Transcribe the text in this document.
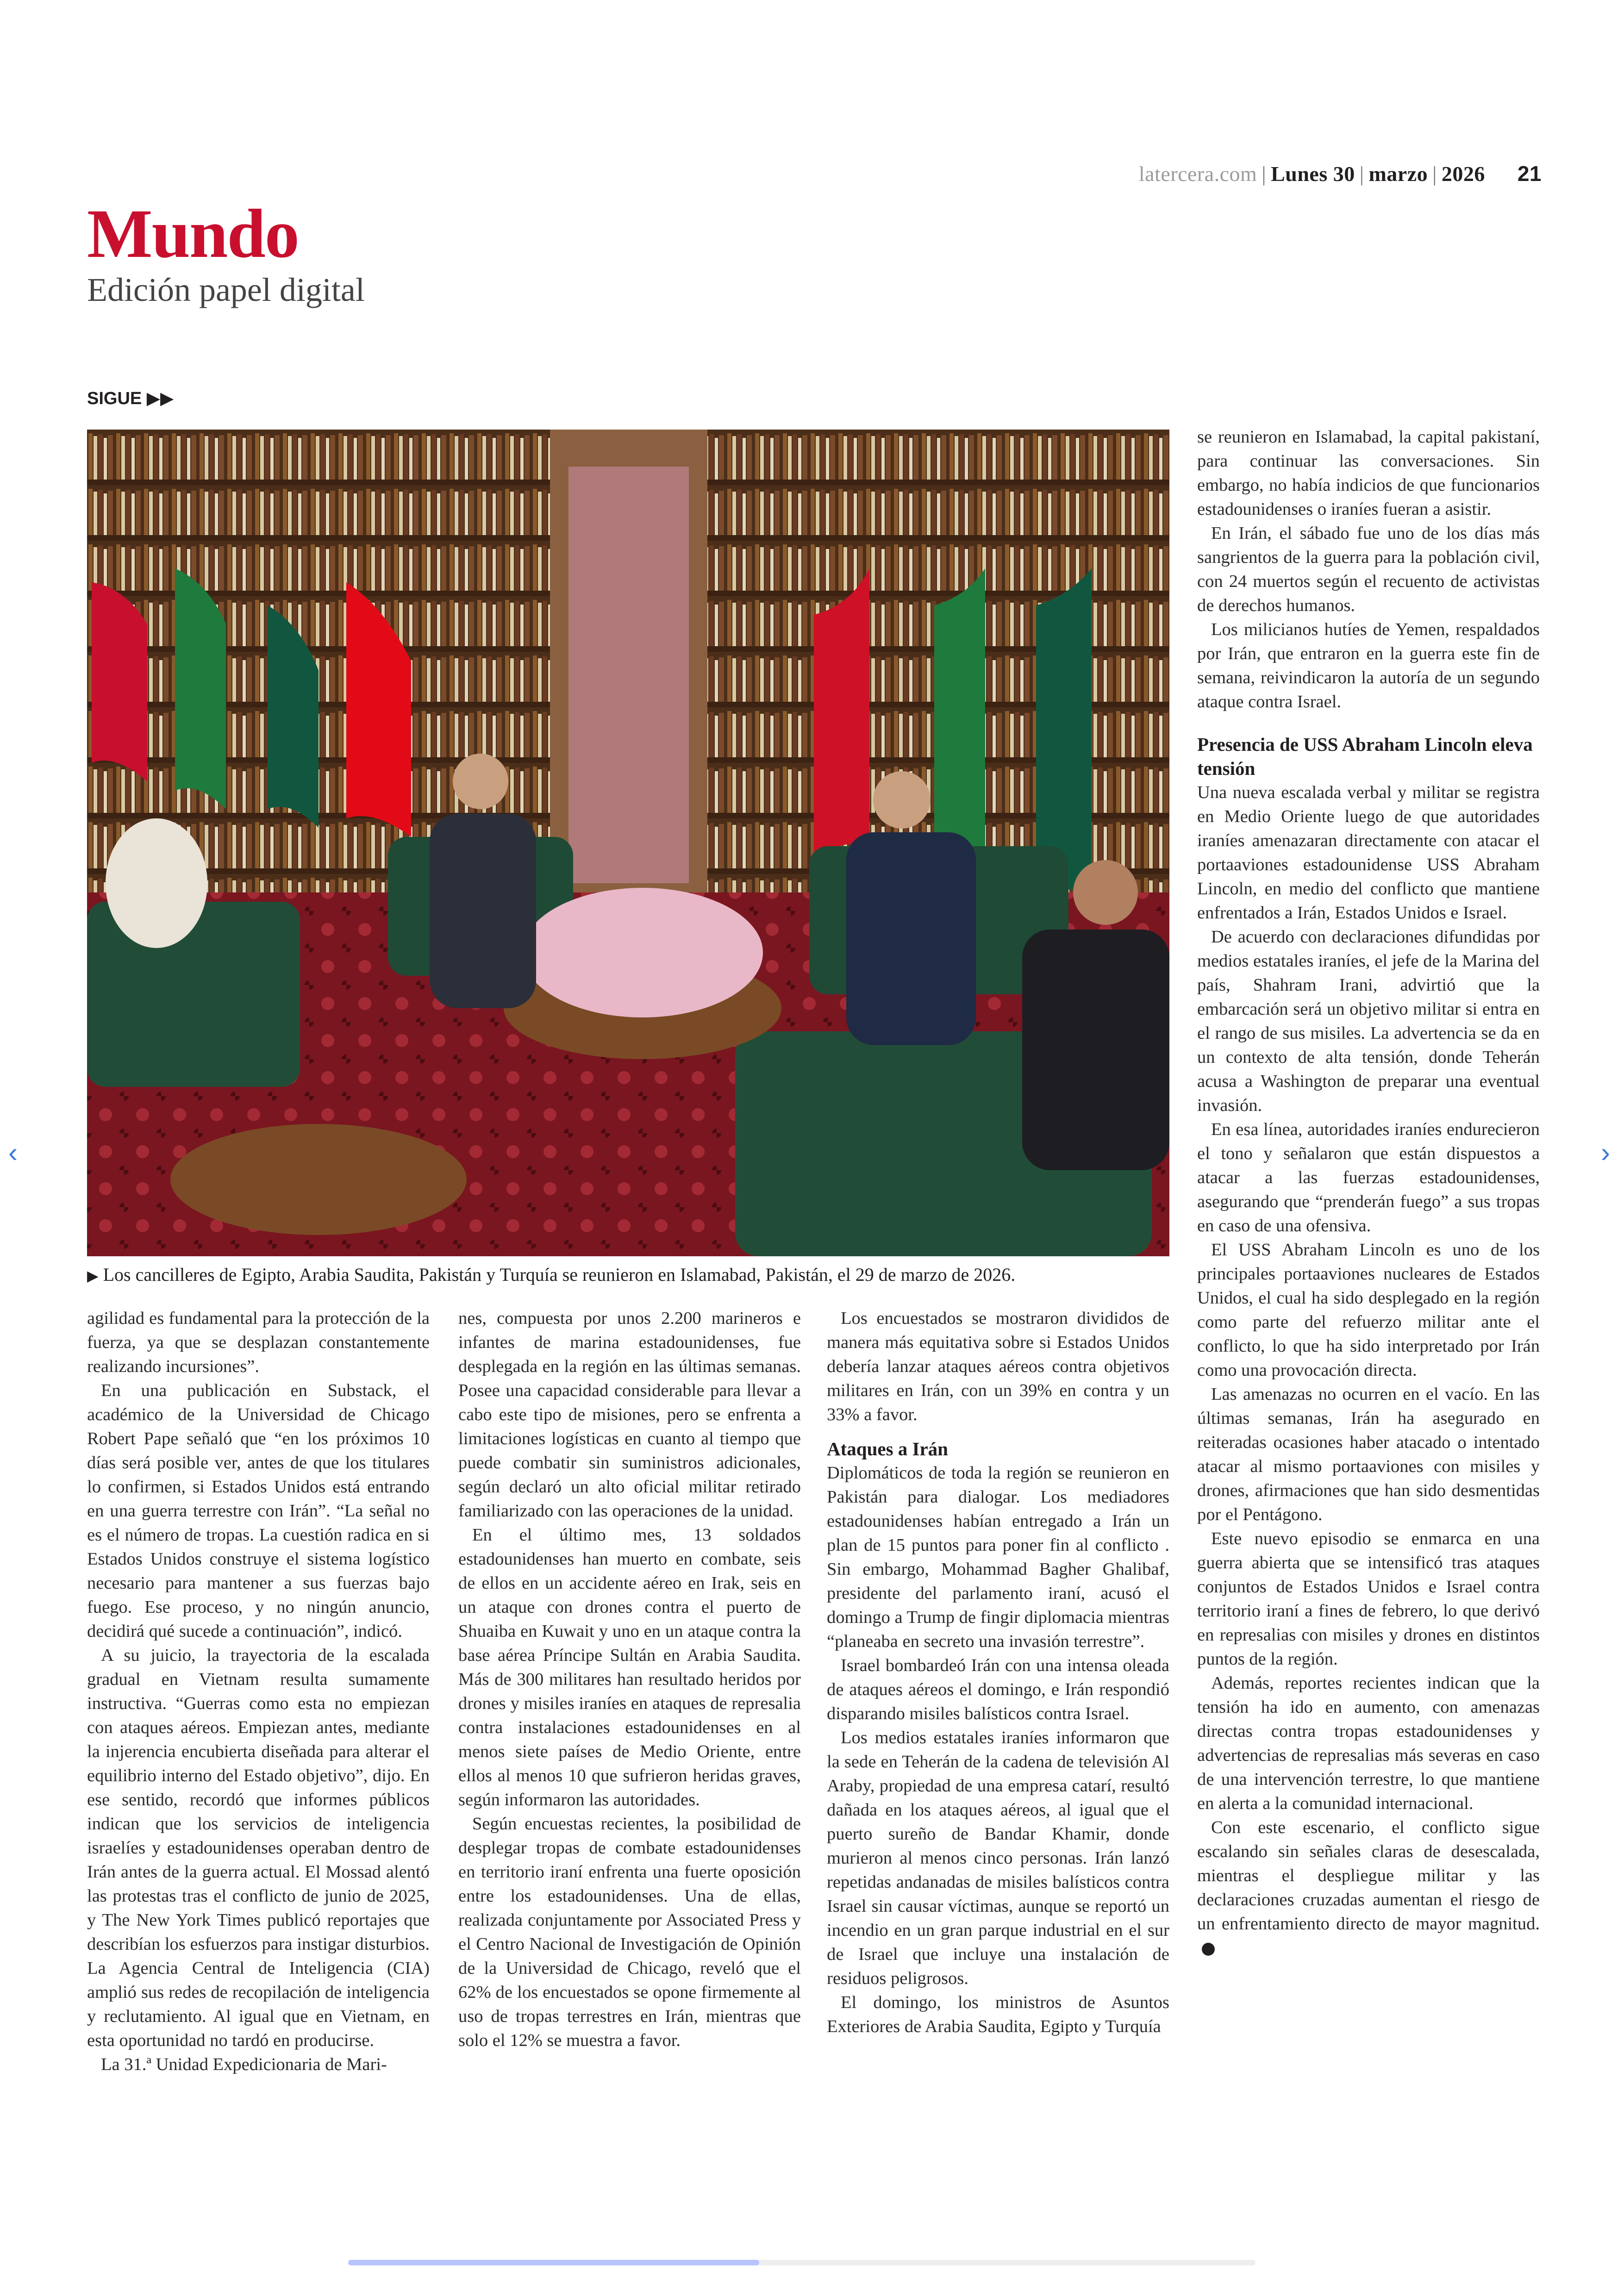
latercera.com | Lunes 30 | marzo | 2026 21
Mundo
Edición papel digital
SIGUE ▶▶
▶ Los cancilleres de Egipto, Arabia Saudita, Pakistán y Turquía se reunieron en Islamabad, Pakistán, el 29 de marzo de 2026.

agilidad es fundamental para la protección de la fuerza, ya que se desplazan constantemente realizando incursiones”.

En una publicación en Substack, el académico de la Universidad de Chicago Robert Pape señaló que “en los próximos 10 días será posible ver, antes de que los titulares lo confirmen, si Estados Unidos está entrando en una guerra terrestre con Irán”. “La señal no es el número de tropas. La cuestión radica en si Estados Unidos construye el sistema logístico necesario para mantener a sus fuerzas bajo fuego. Ese proceso, y no ningún anuncio, decidirá qué sucede a continuación”, indicó.

A su juicio, la trayectoria de la escalada gradual en Vietnam resulta sumamente instructiva. “Guerras como esta no empiezan con ataques aéreos. Empiezan antes, mediante la injerencia encubierta diseñada para alterar el equilibrio interno del Estado objetivo”, dijo. En ese sentido, recordó que informes públicos indican que los servicios de inteligencia israelíes y estadounidenses operaban dentro de Irán antes de la guerra actual. El Mossad alentó las protestas tras el conflicto de junio de 2025, y The New York Times publicó reportajes que describían los esfuerzos para instigar disturbios. La Agencia Central de Inteligencia (CIA) amplió sus redes de recopilación de inteligencia y reclutamiento. Al igual que en Vietnam, en esta oportunidad no tardó en producirse.

La 31.ª Unidad Expedicionaria de Mari-

nes, compuesta por unos 2.200 marineros e infantes de marina estadounidenses, fue desplegada en la región en las últimas semanas. Posee una capacidad considerable para llevar a cabo este tipo de misiones, pero se enfrenta a limitaciones logísticas en cuanto al tiempo que puede combatir sin suministros adicionales, según declaró un alto oficial militar retirado familiarizado con las operaciones de la unidad.

En el último mes, 13 soldados estadounidenses han muerto en combate, seis de ellos en un accidente aéreo en Irak, seis en un ataque con drones contra el puerto de Shuaiba en Kuwait y uno en un ataque contra la base aérea Príncipe Sultán en Arabia Saudita. Más de 300 militares han resultado heridos por drones y misiles iraníes en ataques de represalia contra instalaciones estadounidenses en al menos siete países de Medio Oriente, entre ellos al menos 10 que sufrieron heridas graves, según informaron las autoridades.

Según encuestas recientes, la posibilidad de desplegar tropas de combate estadounidenses en territorio iraní enfrenta una fuerte oposición entre los estadounidenses. Una de ellas, realizada conjuntamente por Associated Press y el Centro Nacional de Investigación de Opinión de la Universidad de Chicago, reveló que el 62% de los encuestados se opone firmemente al uso de tropas terrestres en Irán, mientras que solo el 12% se muestra a favor.

Los encuestados se mostraron divididos de manera más equitativa sobre si Estados Unidos debería lanzar ataques aéreos contra objetivos militares en Irán, con un 39% en contra y un 33% a favor.

Ataques a Irán

Diplomáticos de toda la región se reunieron en Pakistán para dialogar. Los mediadores estadounidenses habían entregado a Irán un plan de 15 puntos para poner fin al conflicto . Sin embargo, Mohammad Bagher Ghalibaf, presidente del parlamento iraní, acusó el domingo a Trump de fingir diplomacia mientras “planeaba en secreto una invasión terrestre”.

Israel bombardeó Irán con una intensa oleada de ataques aéreos el domingo, e Irán respondió disparando misiles balísticos contra Israel.

Los medios estatales iraníes informaron que la sede en Teherán de la cadena de televisión Al Araby, propiedad de una empresa catarí, resultó dañada en los ataques aéreos, al igual que el puerto sureño de Bandar Khamir, donde murieron al menos cinco personas. Irán lanzó repetidas andanadas de misiles balísticos contra Israel sin causar víctimas, aunque se reportó un incendio en un gran parque industrial en el sur de Israel que incluye una instalación de residuos peligrosos.

El domingo, los ministros de Asuntos Exteriores de Arabia Saudita, Egipto y Turquía

se reunieron en Islamabad, la capital pakistaní, para continuar las conversaciones. Sin embargo, no había indicios de que funcionarios estadounidenses o iraníes fueran a asistir.

En Irán, el sábado fue uno de los días más sangrientos de la guerra para la población civil, con 24 muertos según el recuento de activistas de derechos humanos.

Los milicianos hutíes de Yemen, respaldados por Irán, que entraron en la guerra este fin de semana, reivindicaron la autoría de un segundo ataque contra Israel.

Presencia de USS Abraham Lincoln eleva tensión

Una nueva escalada verbal y militar se registra en Medio Oriente luego de que autoridades iraníes amenazaran directamente con atacar el portaaviones estadounidense USS Abraham Lincoln, en medio del conflicto que mantiene enfrentados a Irán, Estados Unidos e Israel.

De acuerdo con declaraciones difundidas por medios estatales iraníes, el jefe de la Marina del país, Shahram Irani, advirtió que la embarcación será un objetivo militar si entra en el rango de sus misiles. La advertencia se da en un contexto de alta tensión, donde Teherán acusa a Washington de preparar una eventual invasión.

En esa línea, autoridades iraníes endurecieron el tono y señalaron que están dispuestos a atacar a las fuerzas estadounidenses, asegurando que “prenderán fuego” a sus tropas en caso de una ofensiva.

El USS Abraham Lincoln es uno de los principales portaaviones nucleares de Estados Unidos, el cual ha sido desplegado en la región como parte del refuerzo militar ante el conflicto, lo que ha sido interpretado por Irán como una provocación directa.

Las amenazas no ocurren en el vacío. En las últimas semanas, Irán ha asegurado en reiteradas ocasiones haber atacado o intentado atacar al mismo portaaviones con misiles y drones, afirmaciones que han sido desmentidas por el Pentágono.

Este nuevo episodio se enmarca en una guerra abierta que se intensificó tras ataques conjuntos de Estados Unidos e Israel contra territorio iraní a fines de febrero, lo que derivó en represalias con misiles y drones en distintos puntos de la región.

Además, reportes recientes indican que la tensión ha ido en aumento, con amenazas directas contra tropas estadounidenses y advertencias de represalias más severas en caso de una intervención terrestre, lo que mantiene en alerta a la comunidad internacional.

Con este escenario, el conflicto sigue escalando sin señales claras de desescalada, mientras el despliegue militar y las declaraciones cruzadas aumentan el riesgo de un enfrentamiento directo de mayor magnitud.

‹	›
